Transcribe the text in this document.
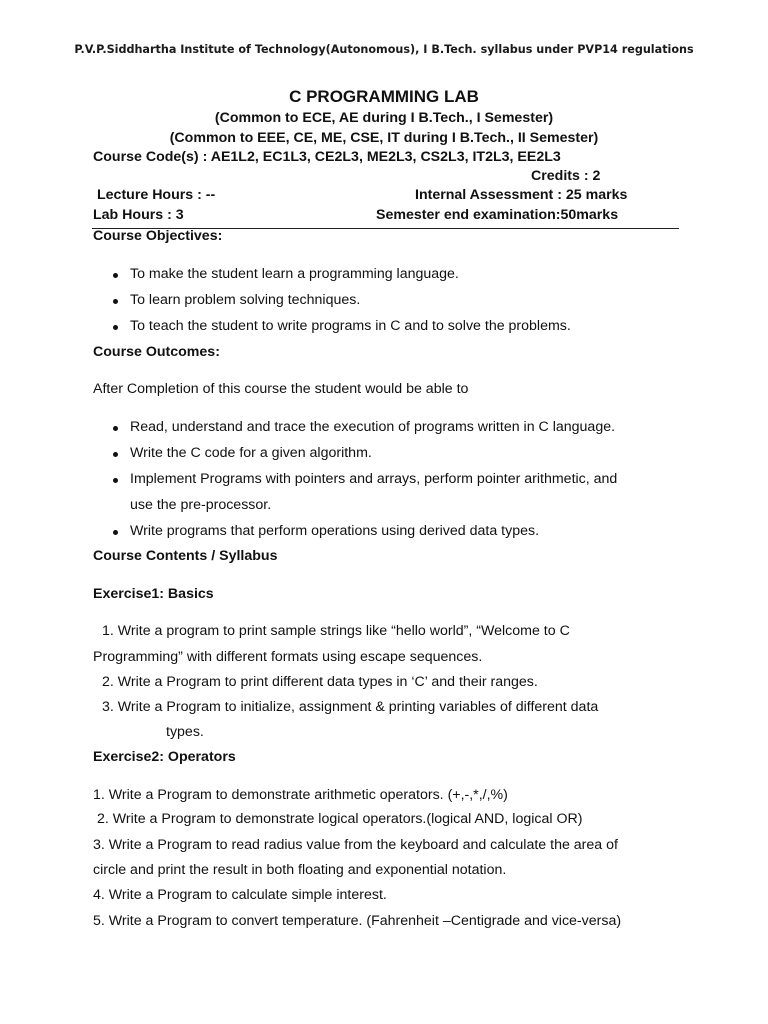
P.V.P.Siddhartha Institute of Technology(Autonomous), I B.Tech. syllabus under PVP14 regulations
C PROGRAMMING LAB
(Common to ECE, AE during I B.Tech., I Semester)
(Common to EEE, CE, ME, CSE, IT during I B.Tech., II Semester)
Course Code(s) : AE1L2, EC1L3, CE2L3, ME2L3, CS2L3, IT2L3, EE2L3
Credits : 2
Lecture Hours : --	Internal Assessment : 25 marks
Lab Hours : 3	Semester end examination:50marks
Course Objectives:
To make the student learn a programming language.
To learn problem solving techniques.
To teach the student to write programs in C and to solve the problems.
Course Outcomes:
After Completion of this course the student would be able to
Read, understand and trace the execution of programs written in C language.
Write the C code for a given algorithm.
Implement Programs with pointers and arrays, perform pointer arithmetic, and
use the pre-processor.
Write programs that perform operations using derived data types.
Course Contents / Syllabus
Exercise1: Basics
1. Write a program to print sample strings like “hello world”, “Welcome to C
Programming” with different formats using escape sequences.
2. Write a Program to print different data types in ‘C’ and their ranges.
3. Write a Program to initialize, assignment & printing variables of different data
types.
Exercise2: Operators
1. Write a Program to demonstrate arithmetic operators. (+,-,*,/,%)
2. Write a Program to demonstrate logical operators.(logical AND, logical OR)
3. Write a Program to read radius value from the keyboard and calculate the area of
circle and print the result in both floating and exponential notation.
4. Write a Program to calculate simple interest.
5. Write a Program to convert temperature. (Fahrenheit –Centigrade and vice-versa)
